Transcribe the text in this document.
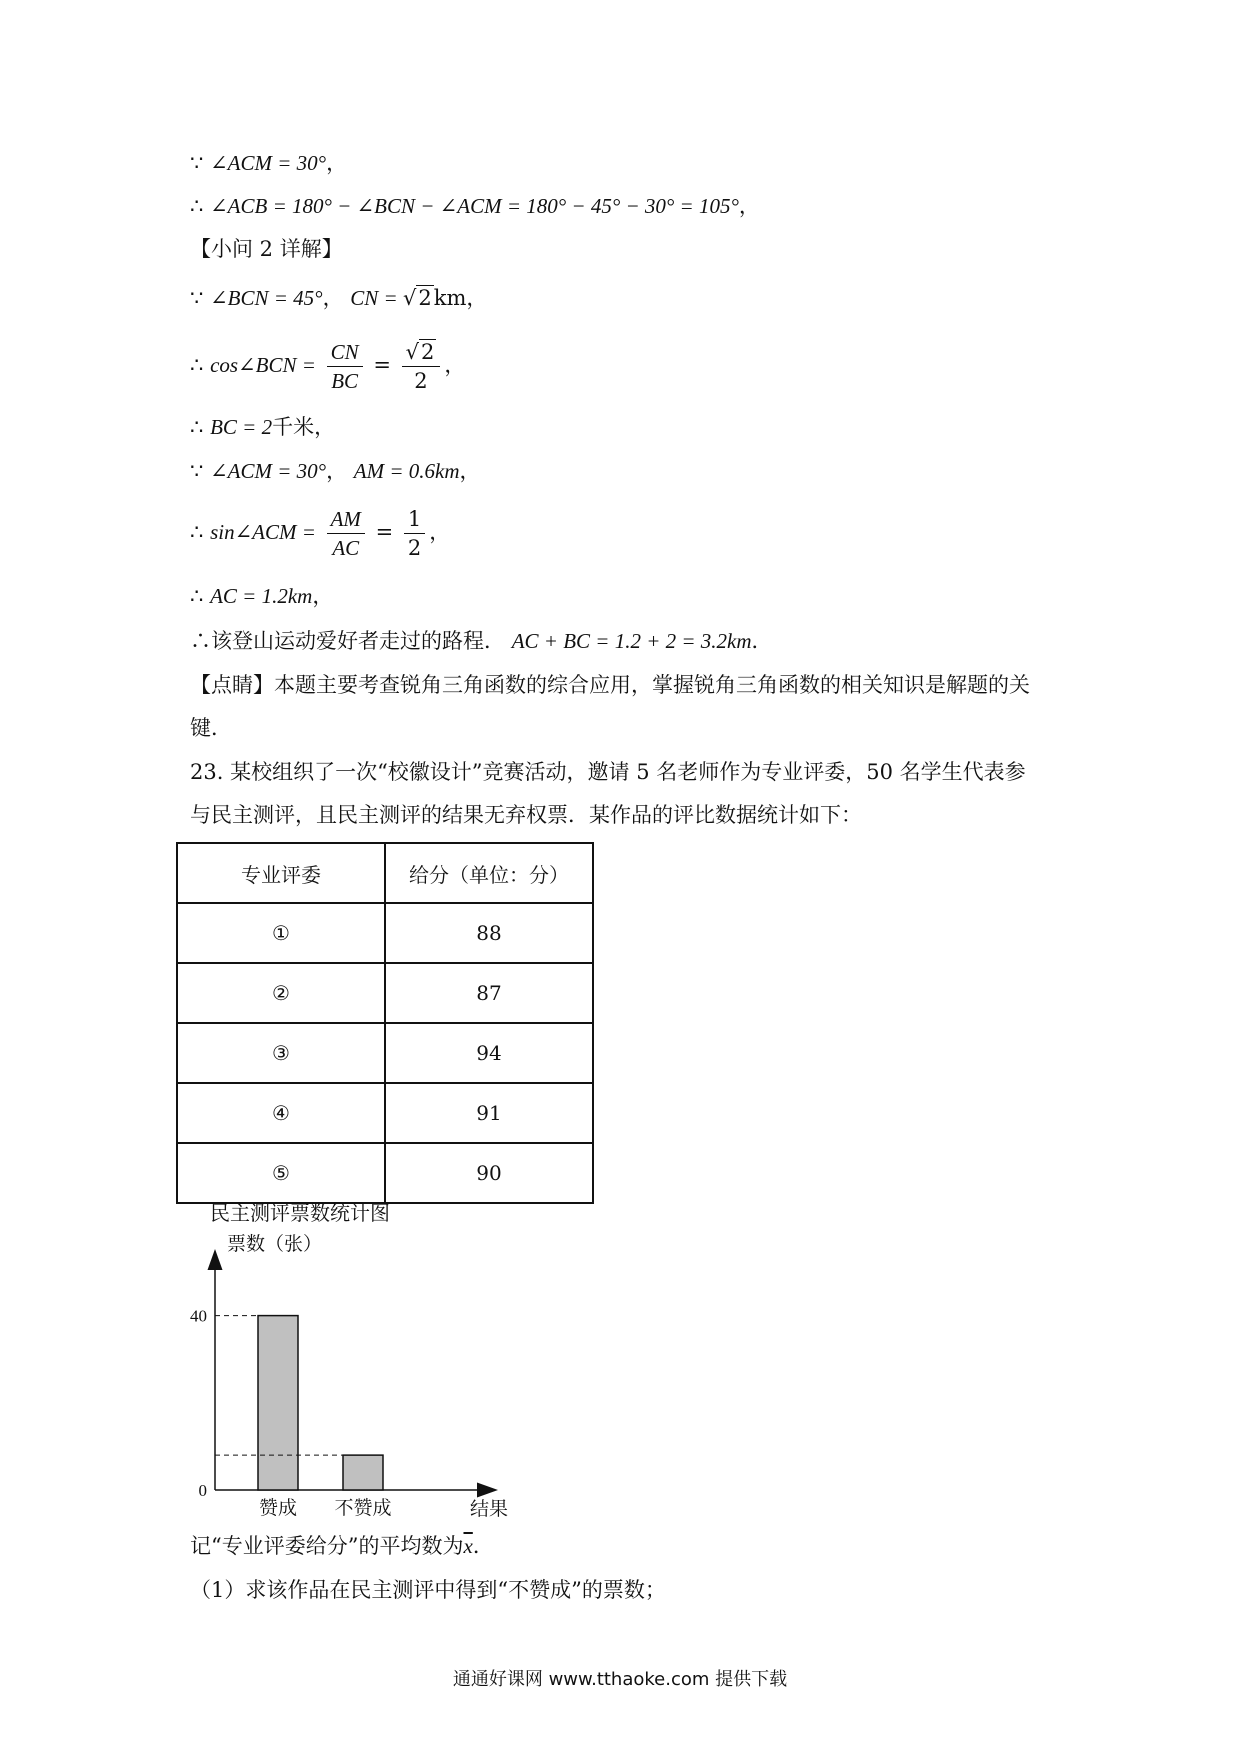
∵ ∠ACM = 30°，
∴ ∠ACB = 180° − ∠BCN − ∠ACM = 180° − 45° − 30° = 105°，
【小问 2 详解】
∵ ∠BCN = 45°， CN = √2km，
∴ cos∠BCN = $\frac{CN}{BC} = \frac{√2}{2}$ ，
∴ BC = 2千米，
∵ ∠ACM = 30°， AM = 0.6km，
∴ sin∠ACM = $\frac{AM}{AC} = \frac{1}{2}$ ，
∴ AC = 1.2km，
∴该登山运动爱好者走过的路程． AC + BC = 1.2 + 2 = 3.2km．
【点睛】本题主要考查锐角三角函数的综合应用，掌握锐角三角函数的相关知识是解题的关
键．
23. 某校组织了一次“校徽设计”竞赛活动，邀请 5 名老师作为专业评委，50 名学生代表参
与民主测评，且民主测评的结果无弃权票．某作品的评比数据统计如下：
专业评委	给分（单位：分）
①	88
②	87
③	94
④	91
⑤	90
民主测评票数统计图
票数（张）
结果
赞成 不赞成
0
40
记“专业评委给分”的平均数为$\overline{x}$．
（1）求该作品在民主测评中得到“不赞成”的票数；
通通好课网 www.tthaoke.com 提供下载
